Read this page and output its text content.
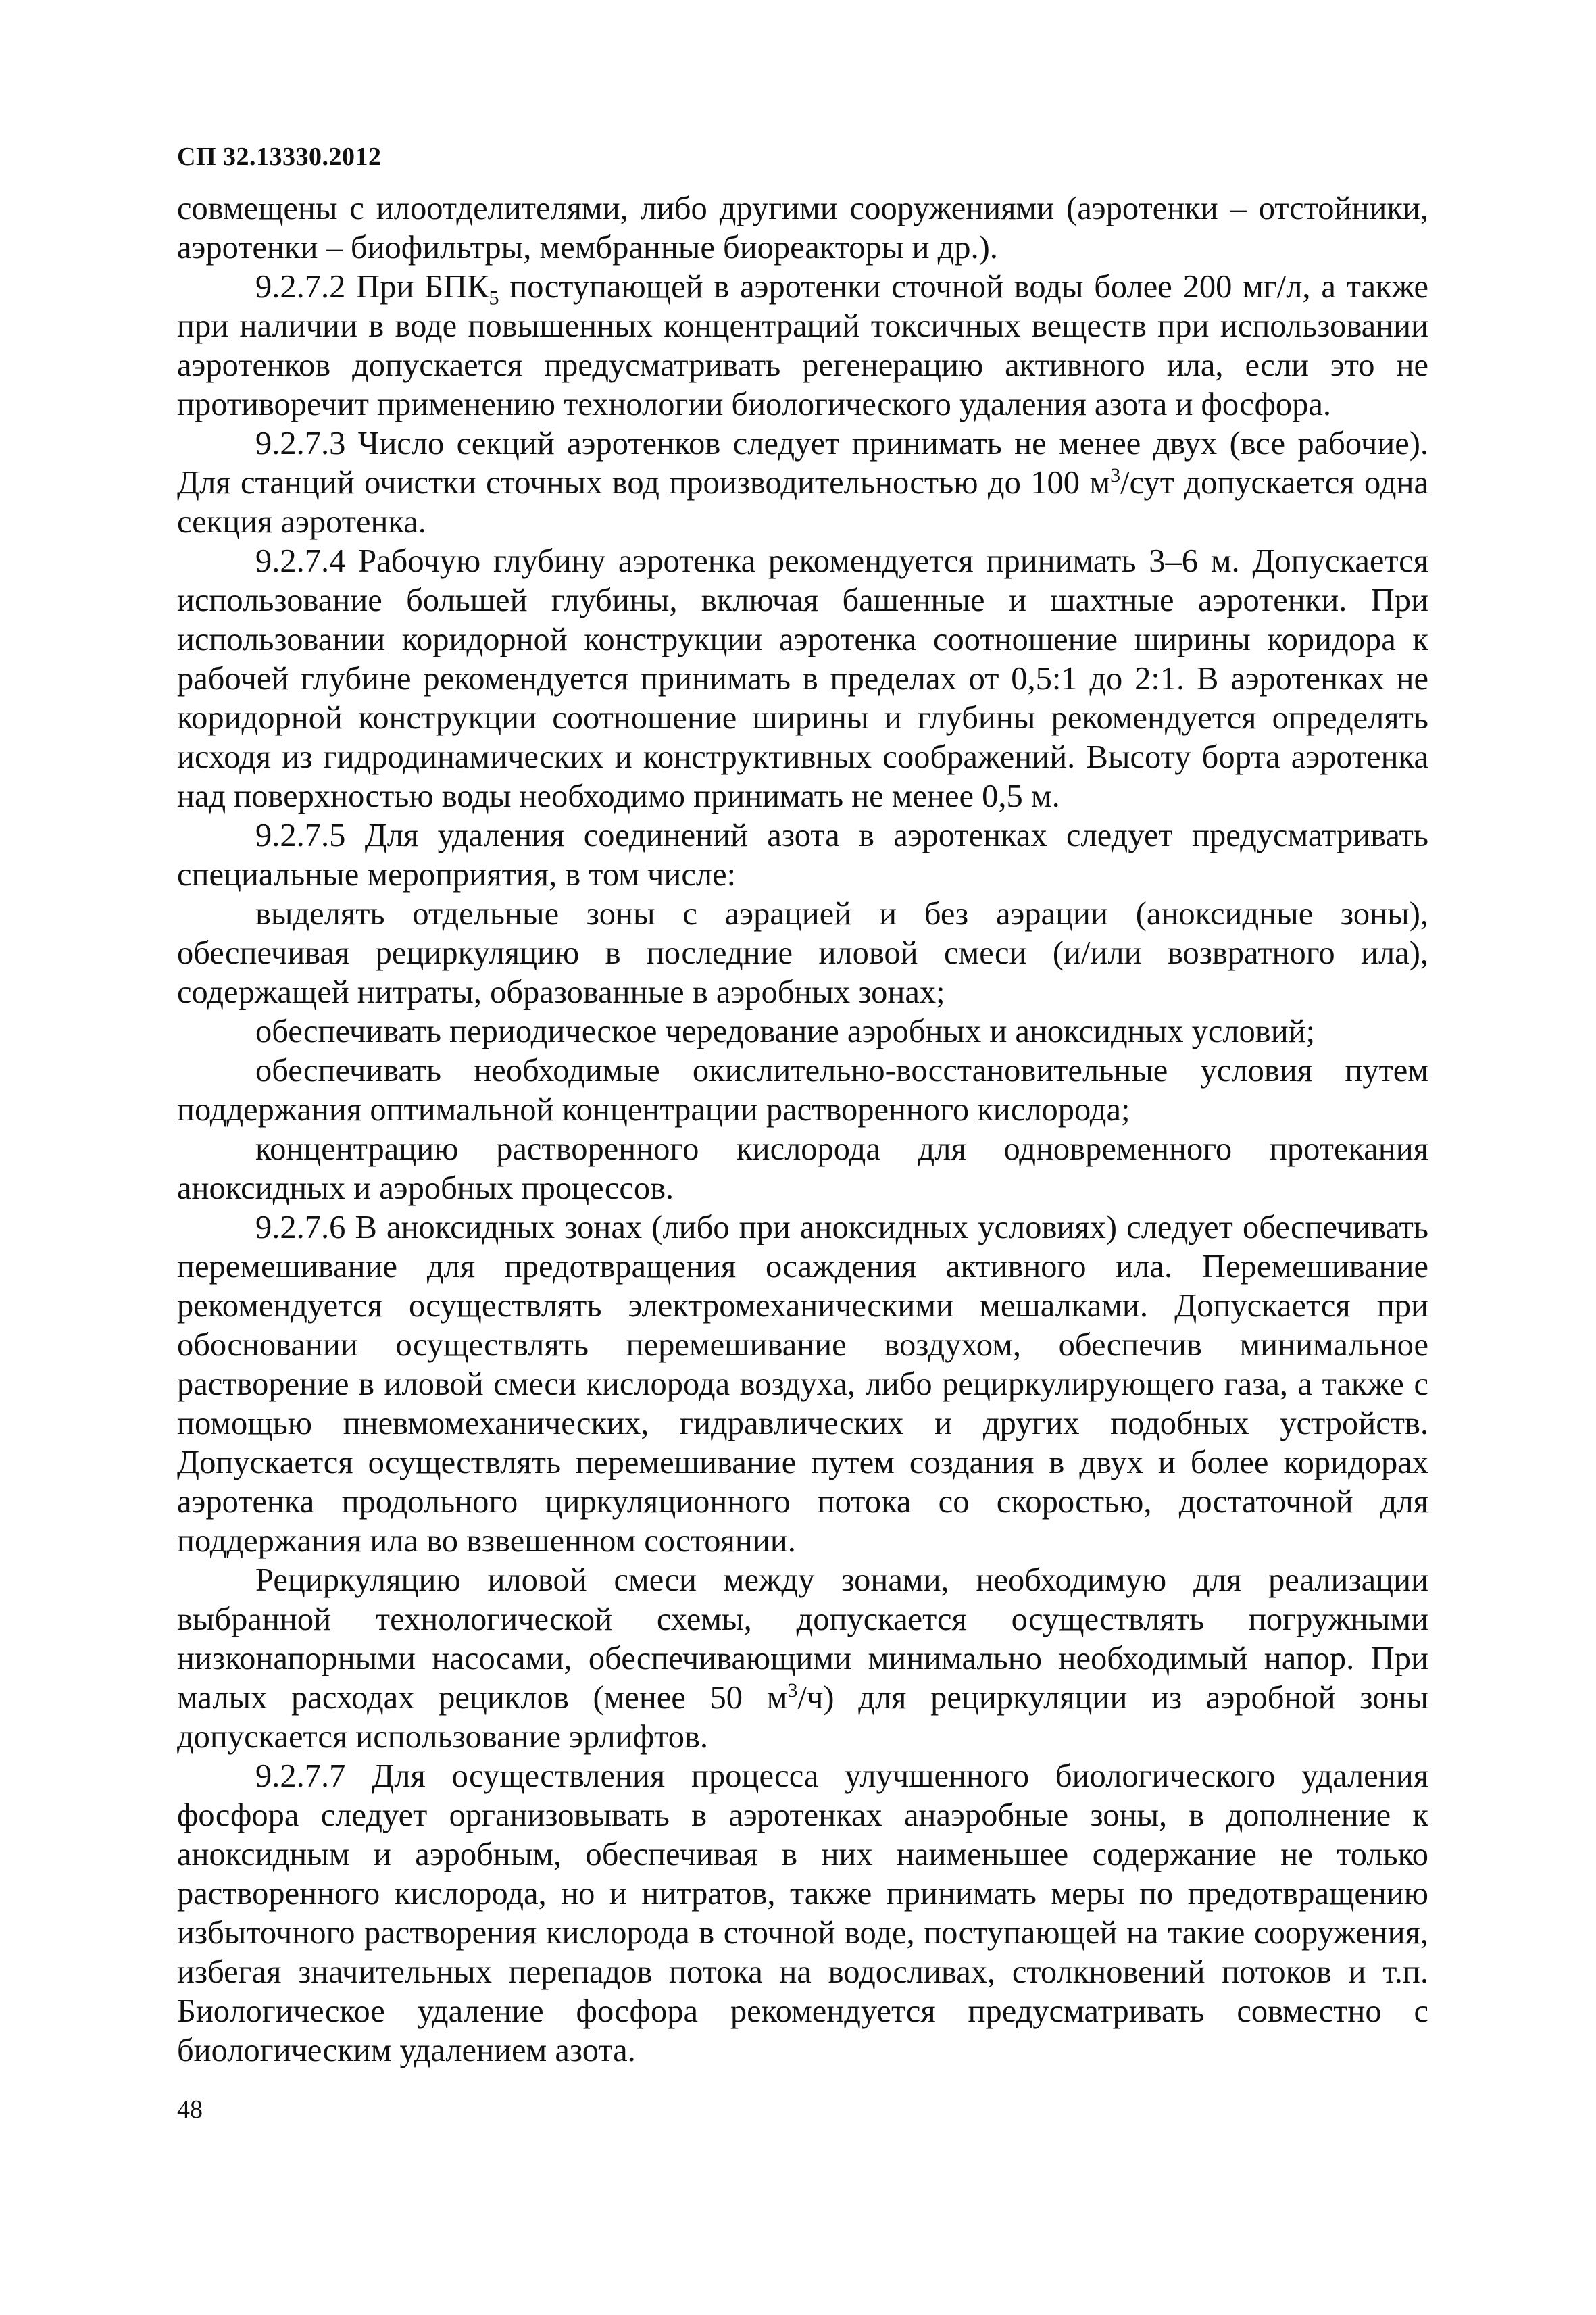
СП 32.13330.2012

совмещены с илоотделителями, либо другими сооружениями (аэротенки – отстойники, аэротенки – биофильтры, мембранные биореакторы и др.).

9.2.7.2 При $БПК_5$ поступающей в аэротенки сточной воды более 200 мг/л, а также при наличии в воде повышенных концентраций токсичных веществ при использовании аэротенков допускается предусматривать регенерацию активного ила, если это не противоречит применению технологии биологического удаления азота и фосфора.

9.2.7.3 Число секций аэротенков следует принимать не менее двух (все рабочие). Для станций очистки сточных вод производительностью до 100 $м^3$/сут допускается одна секция аэротенка.

9.2.7.4 Рабочую глубину аэротенка рекомендуется принимать 3–6 м. Допускается использование большей глубины, включая башенные и шахтные аэротенки. При использовании коридорной конструкции аэротенка соотношение ширины коридора к рабочей глубине рекомендуется принимать в пределах от 0,5:1 до 2:1. В аэротенках не коридорной конструкции соотношение ширины и глубины рекомендуется определять исходя из гидродинамических и конструктивных соображений. Высоту борта аэротенка над поверхностью воды необходимо принимать не менее 0,5 м.

9.2.7.5 Для удаления соединений азота в аэротенках следует предусматривать специальные мероприятия, в том числе:

выделять отдельные зоны с аэрацией и без аэрации (аноксидные зоны), обеспечивая рециркуляцию в последние иловой смеси (и/или возвратного ила), содержащей нитраты, образованные в аэробных зонах;

обеспечивать периодическое чередование аэробных и аноксидных условий;

обеспечивать необходимые окислительно-восстановительные условия путем поддержания оптимальной концентрации растворенного кислорода;

концентрацию растворенного кислорода для одновременного протекания аноксидных и аэробных процессов.

9.2.7.6 В аноксидных зонах (либо при аноксидных условиях) следует обеспечивать перемешивание для предотвращения осаждения активного ила. Перемешивание рекомендуется осуществлять электромеханическими мешалками. Допускается при обосновании осуществлять перемешивание воздухом, обеспечив минимальное растворение в иловой смеси кислорода воздуха, либо рециркулирующего газа, а также с помощью пневмомеханических, гидравлических и других подобных устройств. Допускается осуществлять перемешивание путем создания в двух и более коридорах аэротенка продольного циркуляционного потока со скоростью, достаточной для поддержания ила во взвешенном состоянии.

Рециркуляцию иловой смеси между зонами, необходимую для реализации выбранной технологической схемы, допускается осуществлять погружными низконапорными насосами, обеспечивающими минимально необходимый напор. При малых расходах рециклов (менее 50 $м^3/ч$) для рециркуляции из аэробной зоны допускается использование эрлифтов.

9.2.7.7 Для осуществления процесса улучшенного биологического удаления фосфора следует организовывать в аэротенках анаэробные зоны, в дополнение к аноксидным и аэробным, обеспечивая в них наименьшее содержание не только растворенного кислорода, но и нитратов, также принимать меры по предотвращению избыточного растворения кислорода в сточной воде, поступающей на такие сооружения, избегая значительных перепадов потока на водосливах, столкновений потоков и т.п. Биологическое удаление фосфора рекомендуется предусматривать совместно с биологическим удалением азота.

48
